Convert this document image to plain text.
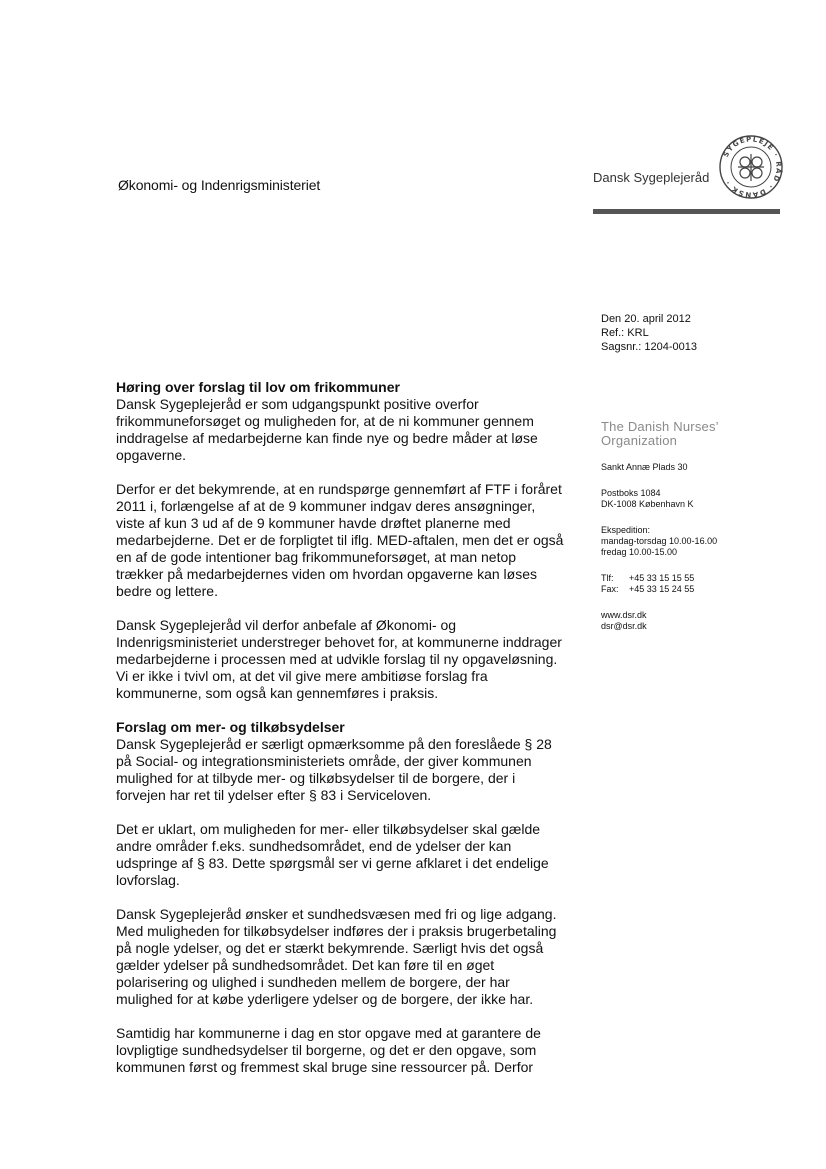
Økonomi- og Indenrigsministeriet	Dansk Sygeplejeråd
SYGEPLEJE · RÅD · DANSK ·
Den 20. april 2012
Ref.: KRL
Sagsnr.: 1204-0013
The Danish Nurses’
Organization
Sankt Annæ Plads 30
Postboks 1084
DK-1008 København K
Ekspedition:
mandag-torsdag 10.00-16.00
fredag 10.00-15.00
Tlf:	+45 33 15 15 55
Fax:	+45 33 15 24 55
www.dsr.dk
dsr@dsr.dk
Høring over forslag til lov om frikommuner

Dansk Sygeplejeråd er som udgangspunkt positive overfor frikommuneforsøget og muligheden for, at de ni kommuner gennem inddragelse af medarbejderne kan finde nye og bedre måder at løse opgaverne.

Derfor er det bekymrende, at en rundspørge gennemført af FTF i foråret 2011 i, forlængelse af at de 9 kommuner indgav deres ansøgninger, viste af kun 3 ud af de 9 kommuner havde drøftet planerne med medarbejderne. Det er de forpligtet til iflg. MED-aftalen, men det er også en af de gode intentioner bag frikommuneforsøget, at man netop trækker på medarbejdernes viden om hvordan opgaverne kan løses bedre og lettere.

Dansk Sygeplejeråd vil derfor anbefale af Økonomi- og Indenrigsministeriet understreger behovet for, at kommunerne inddrager medarbejderne i processen med at udvikle forslag til ny opgaveløsning. Vi er ikke i tvivl om, at det vil give mere ambitiøse forslag fra kommunerne, som også kan gennemføres i praksis.

Forslag om mer- og tilkøbsydelser

Dansk Sygeplejeråd er særligt opmærksomme på den foreslåede § 28 på Social- og integrationsministeriets område, der giver kommunen mulighed for at tilbyde mer- og tilkøbsydelser til de borgere, der i forvejen har ret til ydelser efter § 83 i Serviceloven.

Det er uklart, om muligheden for mer- eller tilkøbsydelser skal gælde andre områder f.eks. sundhedsområdet, end de ydelser der kan udspringe af § 83. Dette spørgsmål ser vi gerne afklaret i det endelige lovforslag.

Dansk Sygeplejeråd ønsker et sundhedsvæsen med fri og lige adgang. Med muligheden for tilkøbsydelser indføres der i praksis brugerbetaling på nogle ydelser, og det er stærkt bekymrende. Særligt hvis det også gælder ydelser på sundhedsområdet. Det kan føre til en øget polarisering og ulighed i sundheden mellem de borgere, der har mulighed for at købe yderligere ydelser og de borgere, der ikke har.

Samtidig har kommunerne i dag en stor opgave med at garantere de lovpligtige sundhedsydelser til borgerne, og det er den opgave, som kommunen først og fremmest skal bruge sine ressourcer på. Derfor
